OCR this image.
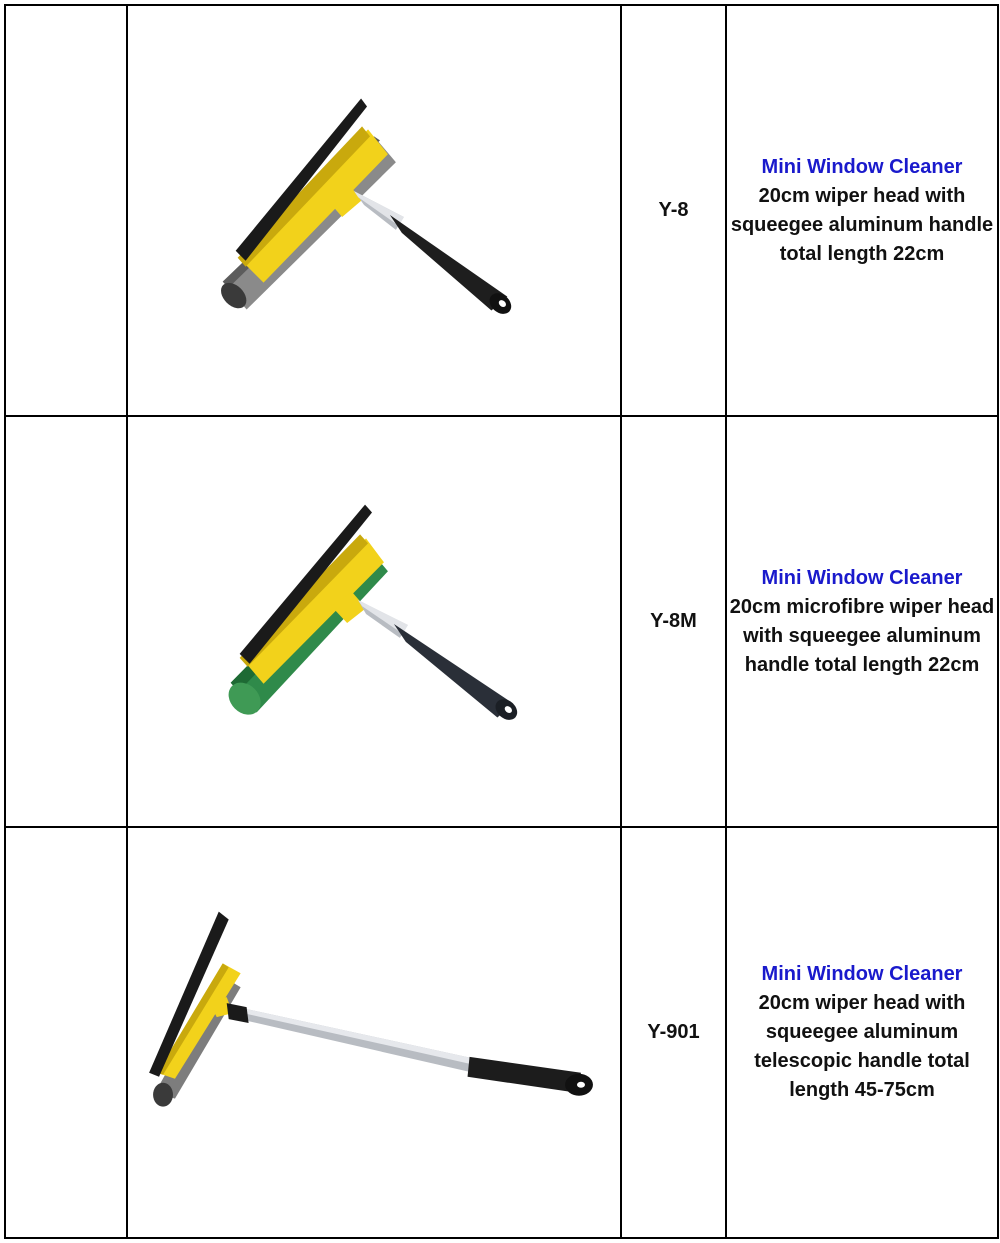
	Y-8	Mini Window Cleaner
20cm wiper head with squeegee aluminum handle total length 22cm

	Y-8M	Mini Window Cleaner
20cm microfibre wiper head with squeegee aluminum handle total length 22cm

	Y-901	Mini Window Cleaner
20cm wiper head with squeegee aluminum telescopic handle total length 45-75cm
